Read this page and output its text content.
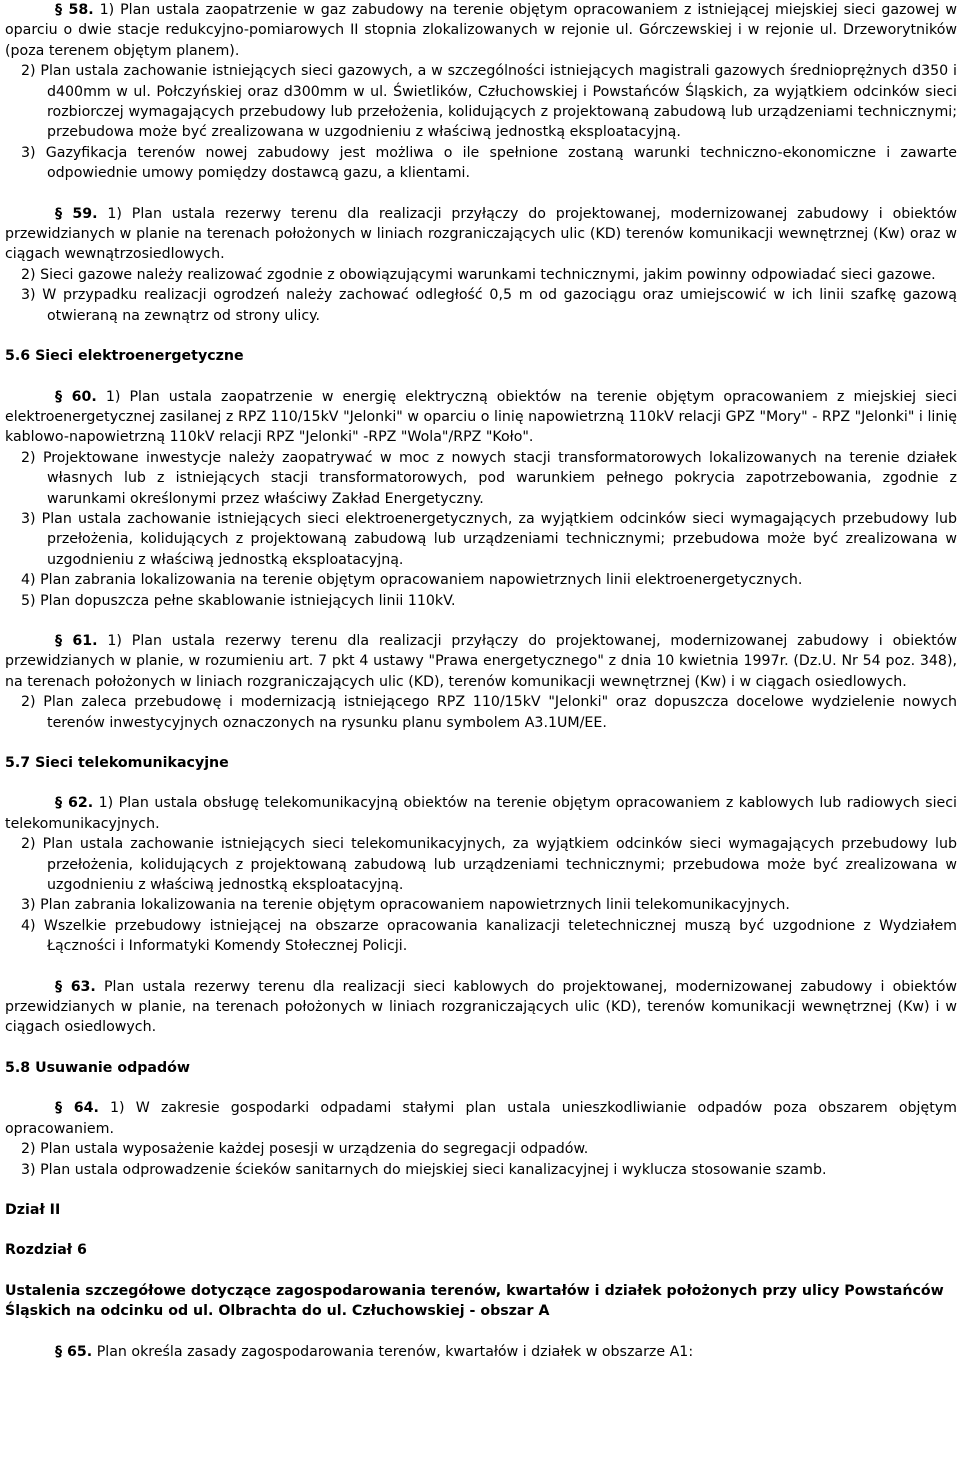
§ 58. 1) Plan ustala zaopatrzenie w gaz zabudowy na terenie objętym opracowaniem z istniejącej miejskiej sieci gazowej w oparciu o dwie stacje redukcyjno-pomiarowych II stopnia zlokalizowanych w rejonie ul. Górczewskiej i w rejonie ul. Drzeworytników (poza terenem objętym planem).

2) Plan ustala zachowanie istniejących sieci gazowych, a w szczególności istniejących magistrali gazowych średnioprężnych d350 i d400mm w ul. Połczyńskiej oraz d300mm w ul. Świetlików, Człuchowskiej i Powstańców Śląskich, za wyjątkiem odcinków sieci rozbiorczej wymagających przebudowy lub przełożenia, kolidujących z projektowaną zabudową lub urządzeniami technicznymi; przebudowa może być zrealizowana w uzgodnieniu z właściwą jednostką eksploatacyjną.

3) Gazyfikacja terenów nowej zabudowy jest możliwa o ile spełnione zostaną warunki techniczno-ekonomiczne i zawarte odpowiednie umowy pomiędzy dostawcą gazu, a klientami.

§ 59. 1) Plan ustala rezerwy terenu dla realizacji przyłączy do projektowanej, modernizowanej zabudowy i obiektów przewidzianych w planie na terenach położonych w liniach rozgraniczających ulic (KD) terenów komunikacji wewnętrznej (Kw) oraz w ciągach wewnątrzosiedlowych.

2) Sieci gazowe należy realizować zgodnie z obowiązującymi warunkami technicznymi, jakim powinny odpowiadać sieci gazowe.

3) W przypadku realizacji ogrodzeń należy zachować odległość 0,5 m od gazociągu oraz umiejscowić w ich linii szafkę gazową otwieraną na zewnątrz od strony ulicy.

5.6 Sieci elektroenergetyczne

§ 60. 1) Plan ustala zaopatrzenie w energię elektryczną obiektów na terenie objętym opracowaniem z miejskiej sieci elektroenergetycznej zasilanej z RPZ 110/15kV "Jelonki" w oparciu o linię napowietrzną 110kV relacji GPZ "Mory" - RPZ "Jelonki" i linię kablowo-napowietrzną 110kV relacji RPZ "Jelonki" -RPZ "Wola"/RPZ "Koło".

2) Projektowane inwestycje należy zaopatrywać w moc z nowych stacji transformatorowych lokalizowanych na terenie działek własnych lub z istniejących stacji transformatorowych, pod warunkiem pełnego pokrycia zapotrzebowania, zgodnie z warunkami określonymi przez właściwy Zakład Energetyczny.

3) Plan ustala zachowanie istniejących sieci elektroenergetycznych, za wyjątkiem odcinków sieci wymagających przebudowy lub przełożenia, kolidujących z projektowaną zabudową lub urządzeniami technicznymi; przebudowa może być zrealizowana w uzgodnieniu z właściwą jednostką eksploatacyjną.

4) Plan zabrania lokalizowania na terenie objętym opracowaniem napowietrznych linii elektroenergetycznych.

5) Plan dopuszcza pełne skablowanie istniejących linii 110kV.

§ 61. 1) Plan ustala rezerwy terenu dla realizacji przyłączy do projektowanej, modernizowanej zabudowy i obiektów przewidzianych w planie, w rozumieniu art. 7 pkt 4 ustawy "Prawa energetycznego" z dnia 10 kwietnia 1997r. (Dz.U. Nr 54 poz. 348), na terenach położonych w liniach rozgraniczających ulic (KD), terenów komunikacji wewnętrznej (Kw) i w ciągach osiedlowych.

2) Plan zaleca przebudowę i modernizacją istniejącego RPZ 110/15kV "Jelonki" oraz dopuszcza docelowe wydzielenie nowych terenów inwestycyjnych oznaczonych na rysunku planu symbolem A3.1UM/EE.

5.7 Sieci telekomunikacyjne

§ 62. 1) Plan ustala obsługę telekomunikacyjną obiektów na terenie objętym opracowaniem z kablowych lub radiowych sieci telekomunikacyjnych.

2) Plan ustala zachowanie istniejących sieci telekomunikacyjnych, za wyjątkiem odcinków sieci wymagających przebudowy lub przełożenia, kolidujących z projektowaną zabudową lub urządzeniami technicznymi; przebudowa może być zrealizowana w uzgodnieniu z właściwą jednostką eksploatacyjną.

3) Plan zabrania lokalizowania na terenie objętym opracowaniem napowietrznych linii telekomunikacyjnych.

4) Wszelkie przebudowy istniejącej na obszarze opracowania kanalizacji teletechnicznej muszą być uzgodnione z Wydziałem Łączności i Informatyki Komendy Stołecznej Policji.

§ 63. Plan ustala rezerwy terenu dla realizacji sieci kablowych do projektowanej, modernizowanej zabudowy i obiektów przewidzianych w planie, na terenach położonych w liniach rozgraniczających ulic (KD), terenów komunikacji wewnętrznej (Kw) i w ciągach osiedlowych.

5.8 Usuwanie odpadów

§ 64. 1) W zakresie gospodarki odpadami stałymi plan ustala unieszkodliwianie odpadów poza obszarem objętym opracowaniem.

2) Plan ustala wyposażenie każdej posesji w urządzenia do segregacji odpadów.

3) Plan ustala odprowadzenie ścieków sanitarnych do miejskiej sieci kanalizacyjnej i wyklucza stosowanie szamb.

Dział II

Rozdział 6

Ustalenia szczegółowe dotyczące zagospodarowania terenów, kwartałów i działek położonych przy ulicy Powstańców Śląskich na odcinku od ul. Olbrachta do ul. Człuchowskiej - obszar A

§ 65. Plan określa zasady zagospodarowania terenów, kwartałów i działek w obszarze A1:
